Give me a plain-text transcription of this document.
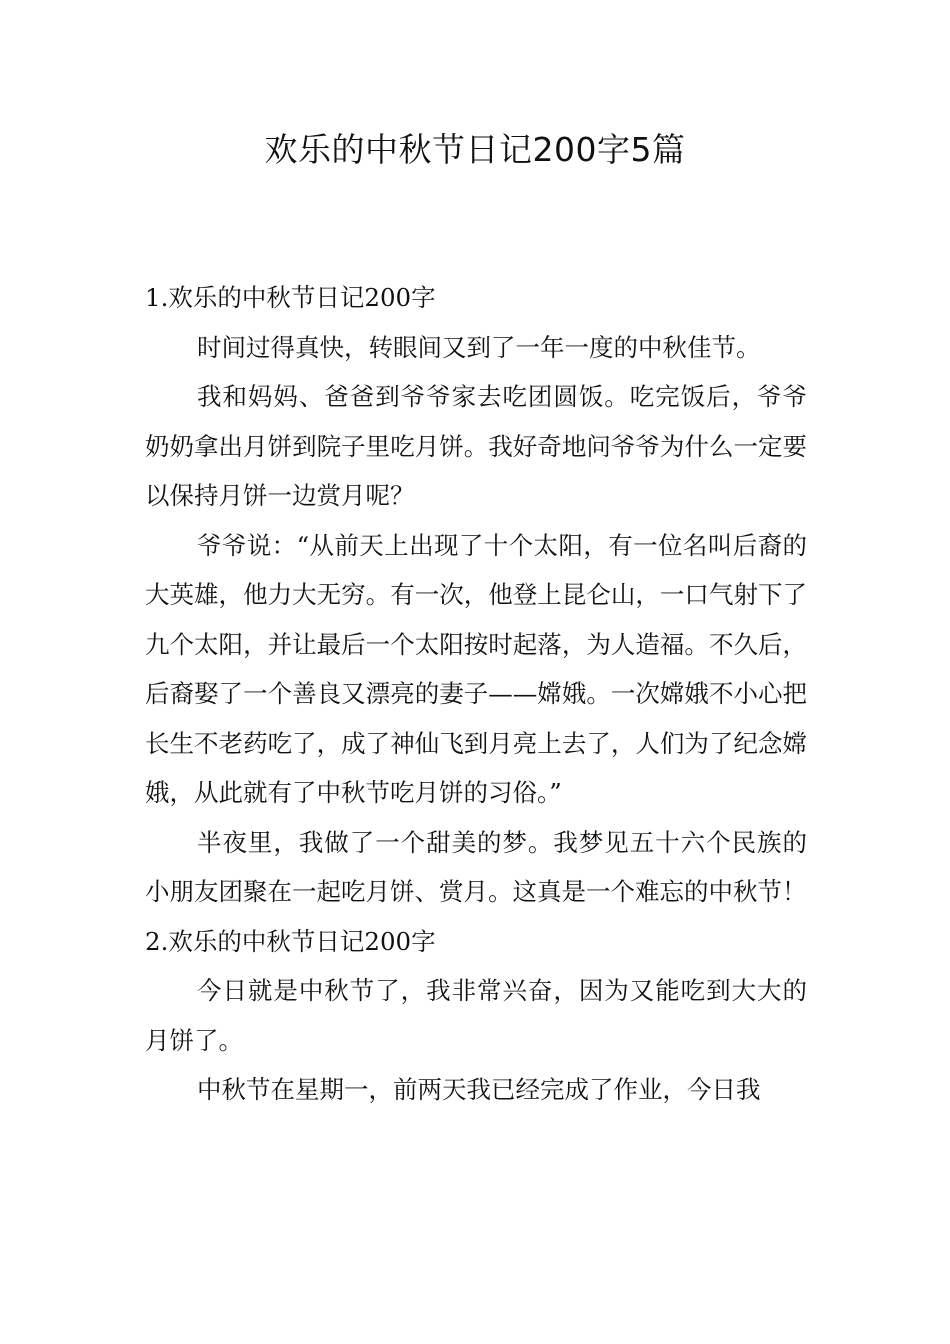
欢乐的中秋节日记200字5篇

1.欢乐的中秋节日记200字

时间过得真快，转眼间又到了一年一度的中秋佳节。

我和妈妈、爸爸到爷爷家去吃团圆饭。吃完饭后，爷爷奶奶拿出月饼到院子里吃月饼。我好奇地问爷爷为什么一定要以保持月饼一边赏月呢？

爷爷说：“从前天上出现了十个太阳，有一位名叫后裔的大英雄，他力大无穷。有一次，他登上昆仑山，一口气射下了九个太阳，并让最后一个太阳按时起落，为人造福。不久后，后裔娶了一个善良又漂亮的妻子——嫦娥。一次嫦娥不小心把长生不老药吃了，成了神仙飞到月亮上去了，人们为了纪念嫦娥，从此就有了中秋节吃月饼的习俗。”

半夜里，我做了一个甜美的梦。我梦见五十六个民族的小朋友团聚在一起吃月饼、赏月。这真是一个难忘的中秋节！

2.欢乐的中秋节日记200字

今日就是中秋节了，我非常兴奋，因为又能吃到大大的月饼了。

中秋节在星期一，前两天我已经完成了作业，今日我
